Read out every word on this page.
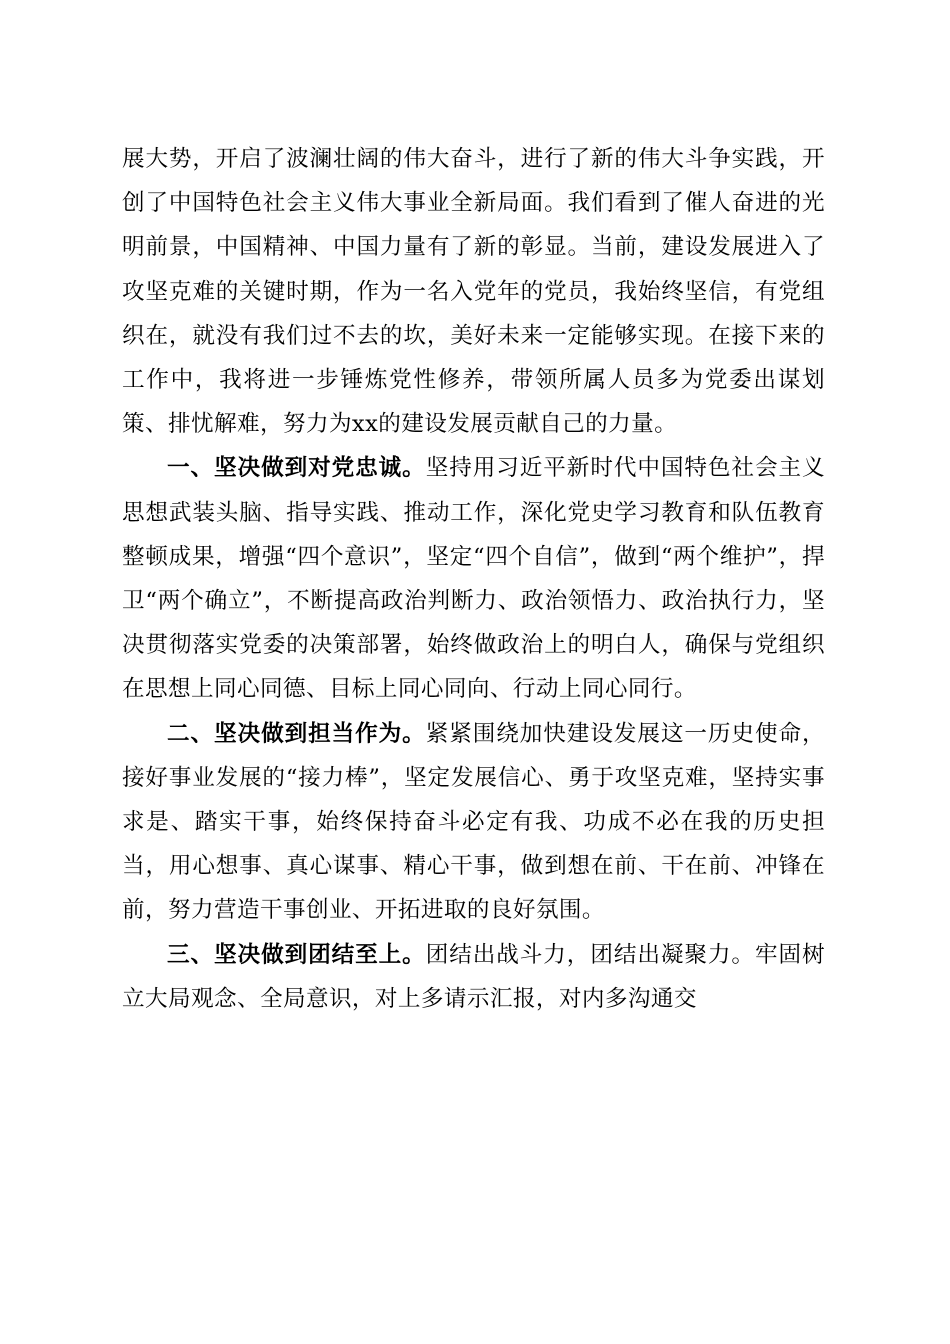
展大势，开启了波澜壮阔的伟大奋斗，进行了新的伟大斗争实践，开创了中国特色社会主义伟大事业全新局面。我们看到了催人奋进的光明前景，中国精神、中国力量有了新的彰显。当前，建设发展进入了攻坚克难的关键时期，作为一名入党年的党员，我始终坚信，有党组织在，就没有我们过不去的坎，美好未来一定能够实现。在接下来的工作中，我将进一步锤炼党性修养，带领所属人员多为党委出谋划策、排忧解难，努力为xx的建设发展贡献自己的力量。

一、坚决做到对党忠诚。坚持用习近平新时代中国特色社会主义思想武装头脑、指导实践、推动工作，深化党史学习教育和队伍教育整顿成果，增强“四个意识”，坚定“四个自信”，做到“两个维护”，捍卫“两个确立”，不断提高政治判断力、政治领悟力、政治执行力，坚决贯彻落实党委的决策部署，始终做政治上的明白人，确保与党组织在思想上同心同德、目标上同心同向、行动上同心同行。

二、坚决做到担当作为。紧紧围绕加快建设发展这一历史使命，接好事业发展的“接力棒”，坚定发展信心、勇于攻坚克难，坚持实事求是、踏实干事，始终保持奋斗必定有我、功成不必在我的历史担当，用心想事、真心谋事、精心干事，做到想在前、干在前、冲锋在前，努力营造干事创业、开拓进取的良好氛围。

三、坚决做到团结至上。团结出战斗力，团结出凝聚力。牢固树立大局观念、全局意识，对上多请示汇报，对内多沟通交
